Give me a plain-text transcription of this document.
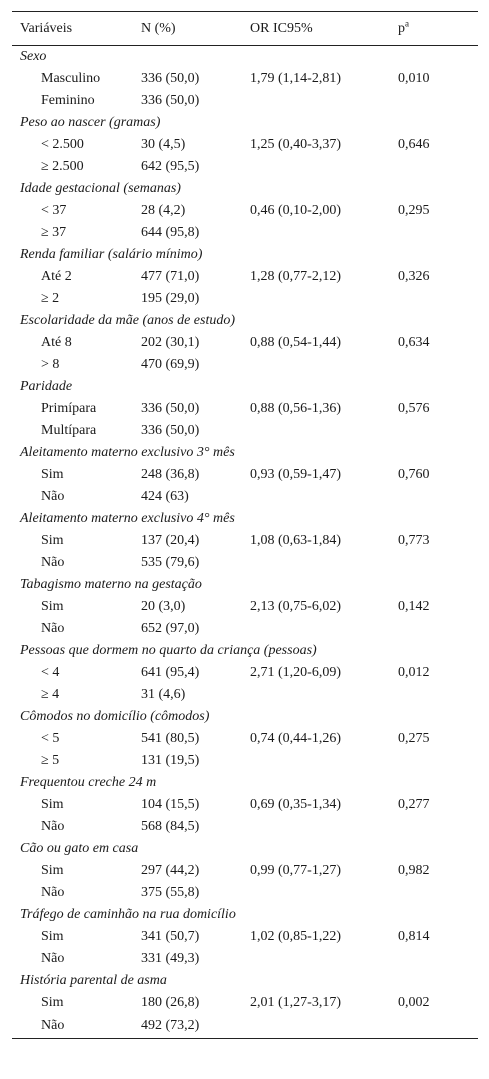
Variáveis	N (%)	OR IC95%	$p^a$
Sexo
Masculino	336 (50,0)	1,79 (1,14-2,81)	0,010
Feminino	336 (50,0)
Peso ao nascer (gramas)
< 2.500	30 (4,5)	1,25 (0,40-3,37)	0,646
≥ 2.500	642 (95,5)
Idade gestacional (semanas)
< 37	28 (4,2)	0,46 (0,10-2,00)	0,295
≥ 37	644 (95,8)
Renda familiar (salário mínimo)
Até 2	477 (71,0)	1,28 (0,77-2,12)	0,326
≥ 2	195 (29,0)
Escolaridade da mãe (anos de estudo)
Até 8	202 (30,1)	0,88 (0,54-1,44)	0,634
> 8	470 (69,9)
Paridade
Primípara	336 (50,0)	0,88 (0,56-1,36)	0,576
Multípara	336 (50,0)
Aleitamento materno exclusivo 3° mês
Sim	248 (36,8)	0,93 (0,59-1,47)	0,760
Não	424 (63)
Aleitamento materno exclusivo 4° mês
Sim	137 (20,4)	1,08 (0,63-1,84)	0,773
Não	535 (79,6)
Tabagismo materno na gestação
Sim	20 (3,0)	2,13 (0,75-6,02)	0,142
Não	652 (97,0)
Pessoas que dormem no quarto da criança (pessoas)
< 4	641 (95,4)	2,71 (1,20-6,09)	0,012
≥ 4	31 (4,6)
Cômodos no domicílio (cômodos)
< 5	541 (80,5)	0,74 (0,44-1,26)	0,275
≥ 5	131 (19,5)
Frequentou creche 24 m
Sim	104 (15,5)	0,69 (0,35-1,34)	0,277
Não	568 (84,5)
Cão ou gato em casa
Sim	297 (44,2)	0,99 (0,77-1,27)	0,982
Não	375 (55,8)
Tráfego de caminhão na rua domicílio
Sim	341 (50,7)	1,02 (0,85-1,22)	0,814
Não	331 (49,3)
História parental de asma
Sim	180 (26,8)	2,01 (1,27-3,17)	0,002
Não	492 (73,2)
